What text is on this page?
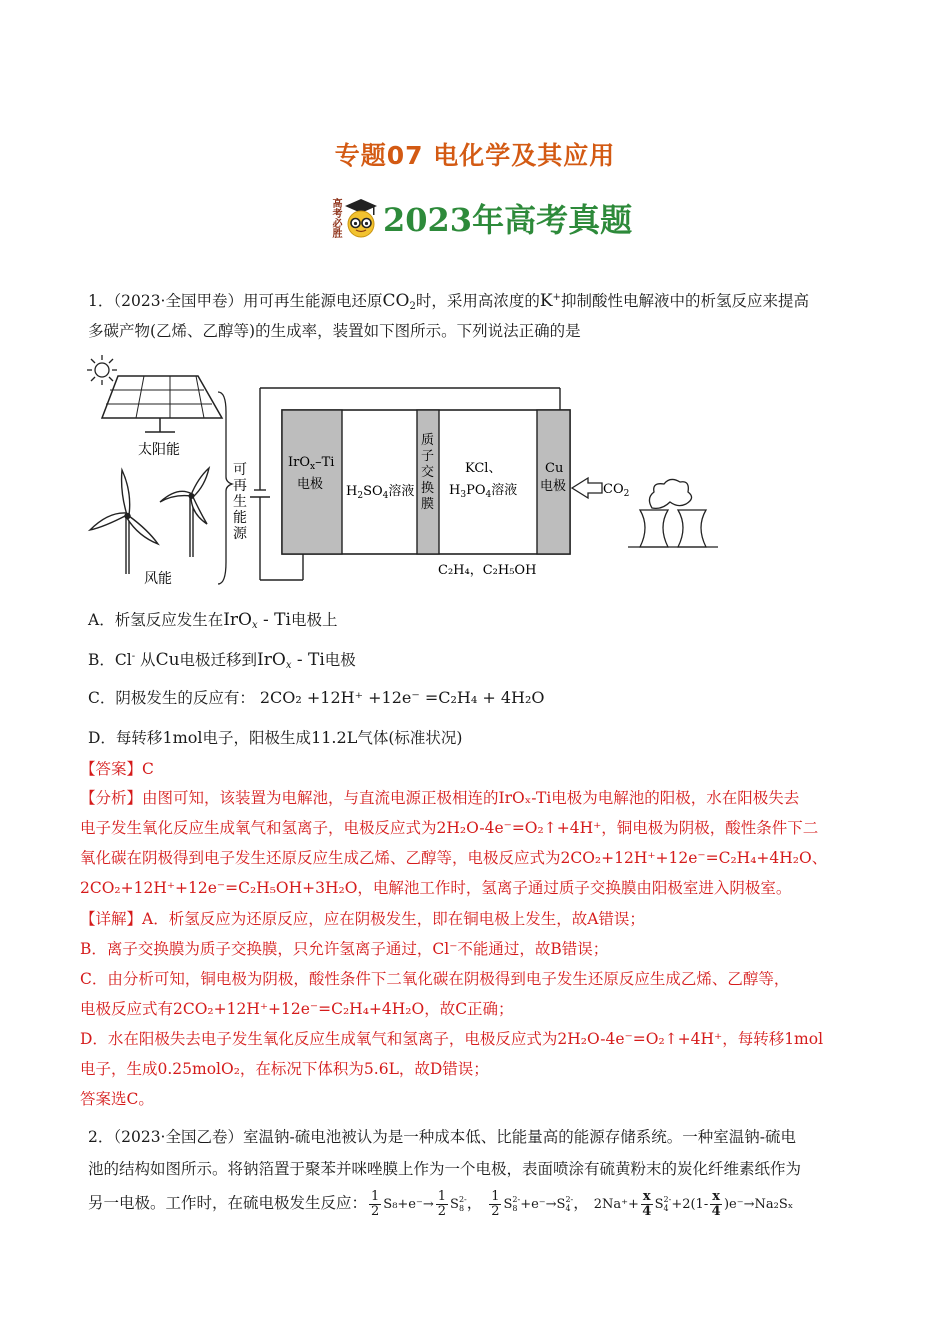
专题07 电化学及其应用
高考必胜 2023年高考真题
1．（2023·全国甲卷）用可再生能源电还原$CO_2$时，采用高浓度的K+抑制酸性电解液中的析氢反应来提高
多碳产物(乙烯、乙醇等)的生成率，装置如下图所示。下列说法正确的是
太阳能
风能
可
再
生
能
源
IrO$_x$–Ti
电极 $H_2SO_4$溶液
质
子
交
换
膜
KCl、
$H_3PO_4$溶液
Cu
电极	$CO_2$
C₂H₄，C₂H₅OH
A．析氢反应发生在IrO$_x$ - Ti电极上
B．Cl- 从Cu电极迁移到IrO$_x$ - Ti电极
C．阴极发生的反应有： 2CO₂ +12H⁺ +12e⁻ =C₂H₄ + 4H₂O
D．每转移1mol电子，阳极生成11.2L气体(标准状况)
【答案】C
【分析】由图可知，该装置为电解池，与直流电源正极相连的IrOₓ-Ti电极为电解池的阳极，水在阳极失去
电子发生氧化反应生成氧气和氢离子，电极反应式为2H₂O-4e⁻=O₂↑+4H⁺，铜电极为阴极，酸性条件下二
氧化碳在阴极得到电子发生还原反应生成乙烯、乙醇等，电极反应式为2CO₂+12H⁺+12e⁻=C₂H₄+4H₂O、
2CO₂+12H⁺+12e⁻=C₂H₅OH+3H₂O，电解池工作时，氢离子通过质子交换膜由阳极室进入阴极室。
【详解】A．析氢反应为还原反应，应在阴极发生，即在铜电极上发生，故A错误；
B．离子交换膜为质子交换膜，只允许氢离子通过，Cl⁻不能通过，故B错误；
C．由分析可知，铜电极为阴极，酸性条件下二氧化碳在阴极得到电子发生还原反应生成乙烯、乙醇等，
电极反应式有2CO₂+12H⁺+12e⁻=C₂H₄+4H₂O，故C正确；
D．水在阳极失去电子发生氧化反应生成氧气和氢离子，电极反应式为2H₂O-4e⁻=O₂↑+4H⁺，每转移1mol
电子，生成0.25molO₂，在标况下体积为5.6L，故D错误；
答案选C。
2．（2023·全国乙卷）室温钠-硫电池被认为是一种成本低、比能量高的能源存储系统。一种室温钠-硫电
池的结构如图所示。将钠箔置于聚苯并咪唑膜上作为一个电极，表面喷涂有硫黄粉末的炭化纤维素纸作为
另一电极。工作时，在硫电极发生反应： $\frac{1}{2} S_8+e^-\to \frac{1}{2}$ S 2-
8 ， $\frac{1}{2}$ S 2-
8 +e⁻→S 2-
4 ， $2Na^++ \frac{x}{4}$ S 2-
$4 +2(1- \frac{x}{4} )e^-\to Na_2S_x$
